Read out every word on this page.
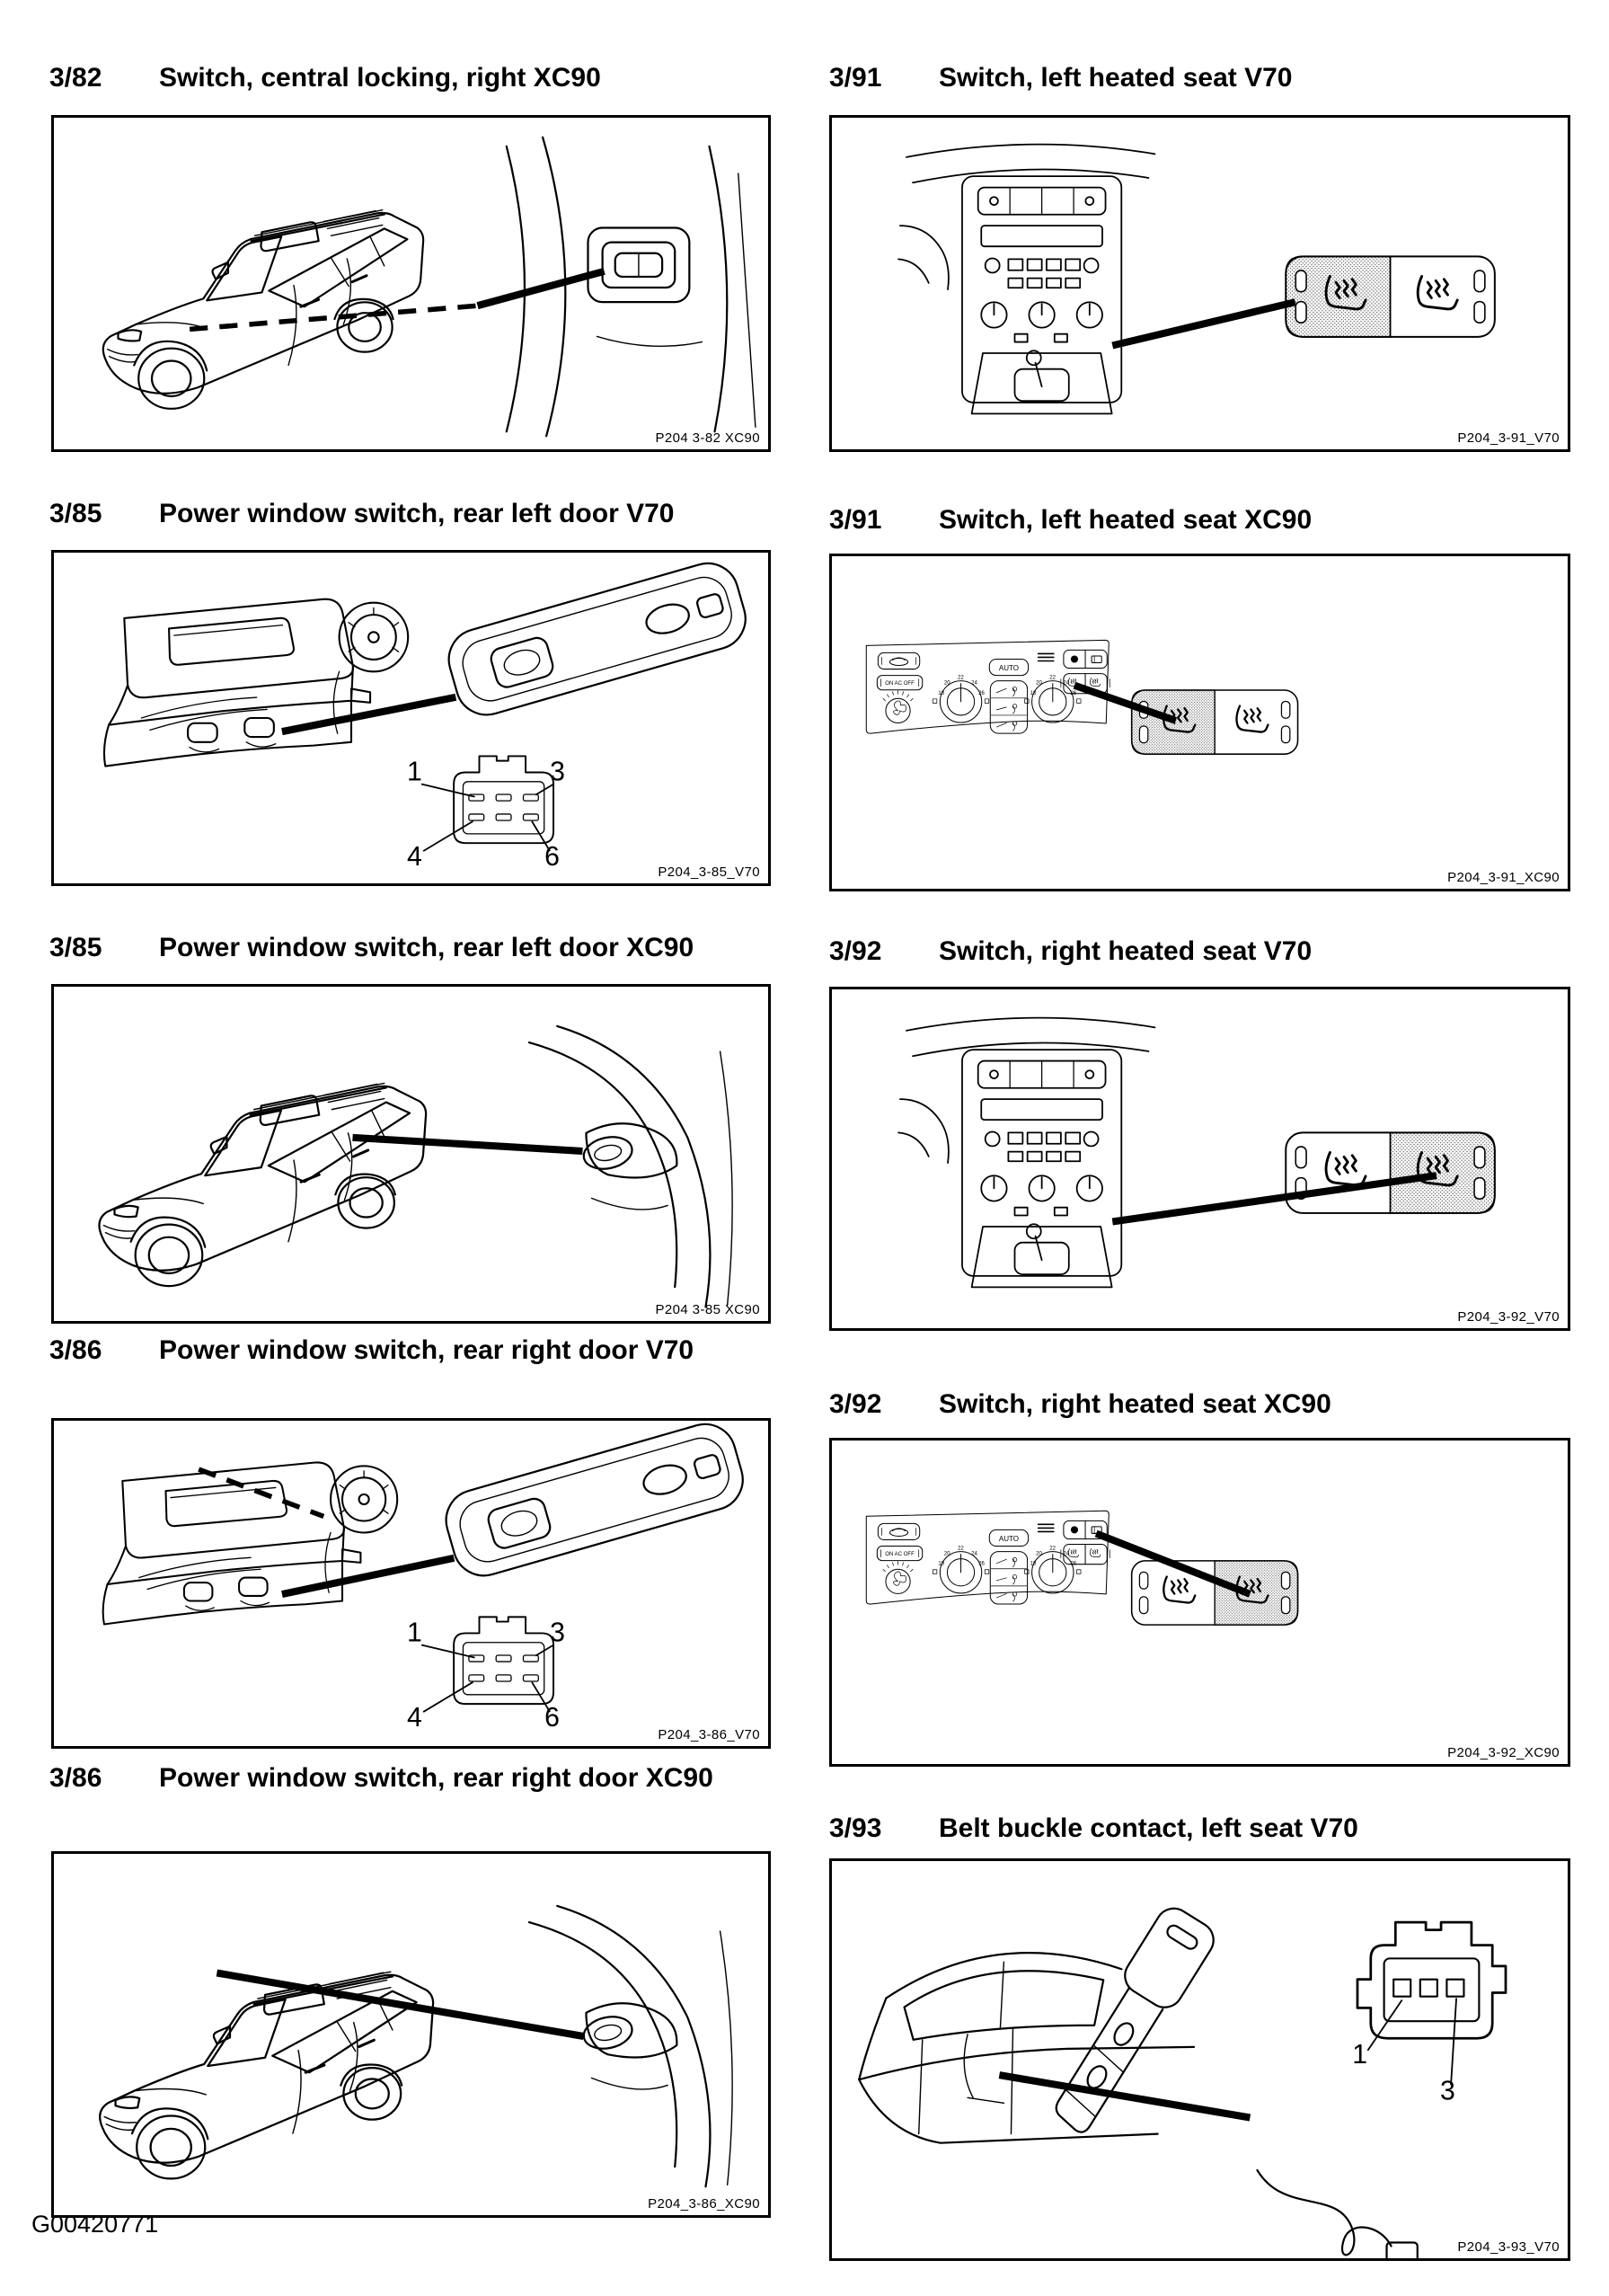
3/82	Switch, central locking, right XC90
P204 3-82 XC90
3/85	Power window switch, rear left door V70
1	3
4	6
P204_3-85_V70
3/85	Power window switch, rear left door XC90
P204 3-85 XC90
3/86	Power window switch, rear right door V70
1	3
4	6
P204_3-86_V70
3/86	Power window switch, rear right door XC90
P204_3-86_XC90
G00420771
3/91	Switch, left heated seat V70
P204_3-91_V70
3/91	Switch, left heated seat XC90
P204_3-91_XC90
3/92	Switch, right heated seat V70
P204_3-92_V70
3/92	Switch, right heated seat XC90
P204_3-92_XC90
3/93	Belt buckle contact, left seat V70
1
3
P204_3-93_V70
